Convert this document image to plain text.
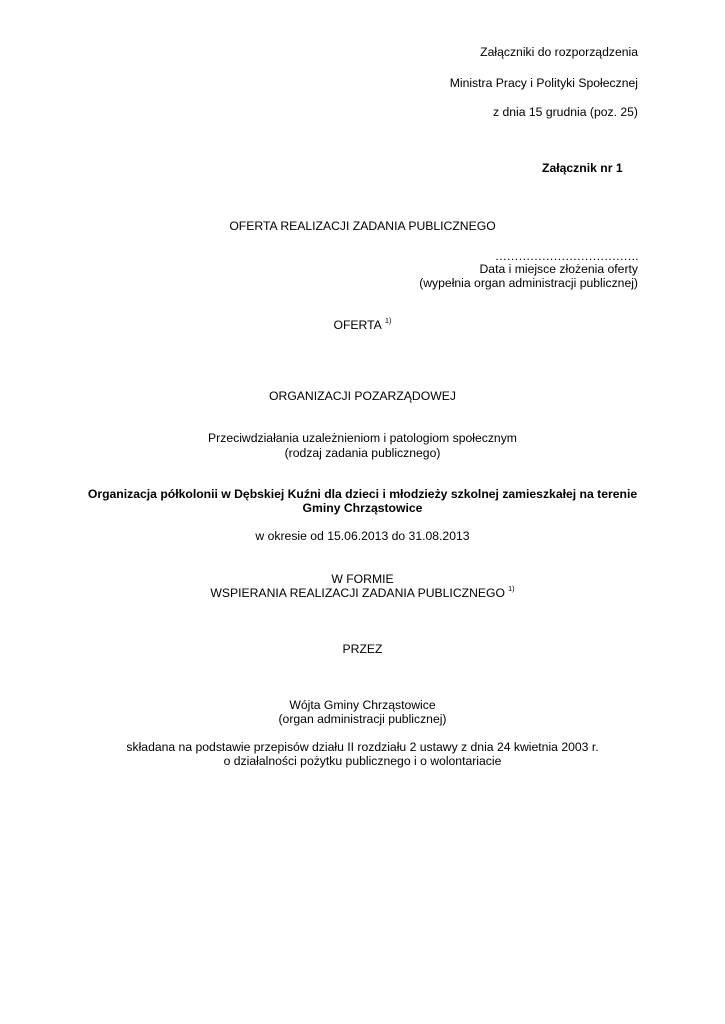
Załączniki do rozporządzenia
Ministra Pracy i Polityki Społecznej
z dnia 15 grudnia (poz. 25)
Załącznik nr 1
OFERTA REALIZACJI ZADANIA PUBLICZNEGO
……………………………….
Data i miejsce złożenia oferty
(wypełnia organ administracji publicznej)
OFERTA $^{1)}$
ORGANIZACJI POZARZĄDOWEJ
Przeciwdziałania uzależnieniom i patologiom społecznym
(rodzaj zadania publicznego)
Organizacja półkolonii w Dębskiej Kuźni dla dzieci i młodzieży szkolnej zamieszkałej na terenie
Gminy Chrząstowice
w okresie od 15.06.2013 do 31.08.2013
W FORMIE
WSPIERANIA REALIZACJI ZADANIA PUBLICZNEGO $^{1)}$
PRZEZ
Wójta Gminy Chrząstowice
(organ administracji publicznej)
składana na podstawie przepisów działu II rozdziału 2 ustawy z dnia 24 kwietnia 2003 r.
o działalności pożytku publicznego i o wolontariacie
